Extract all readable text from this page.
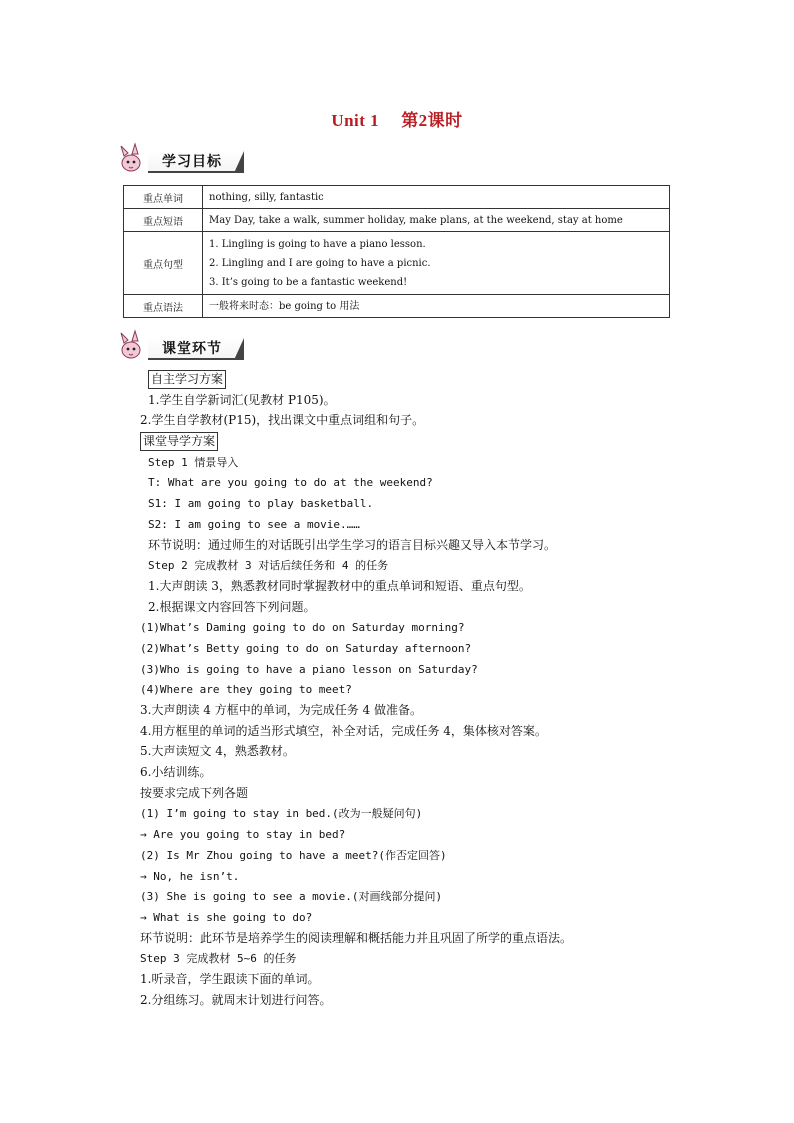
Unit 1 第2课时
学习目标
重点单词	nothing, silly, fantastic

重点短语	May Day, take a walk, summer holiday, make plans, at the weekend, stay at home

重点句型	1. Lingling is going to have a piano lesson.
2. Lingling and I are going to have a picnic.
3. It’s going to be a fantastic weekend!

重点语法	一般将来时态：be going to 用法
课堂环节
自主学习方案
1.学生自学新词汇(见教材 P105)。
2.学生自学教材(P15)，找出课文中重点词组和句子。
课堂导学方案
Step 1 情景导入
T: What are you going to do at the weekend?
S1: I am going to play basketball.
S2: I am going to see a movie.……
环节说明：通过师生的对话既引出学生学习的语言目标兴趣又导入本节学习。
Step 2 完成教材 3 对话后续任务和 4 的任务
1.大声朗读 3，熟悉教材同时掌握教材中的重点单词和短语、重点句型。
2.根据课文内容回答下列问题。
(1)What’s Daming going to do on Saturday morning?
(2)What’s Betty going to do on Saturday afternoon?
(3)Who is going to have a piano lesson on Saturday?
(4)Where are they going to meet?
3.大声朗读 4 方框中的单词，为完成任务 4 做准备。
4.用方框里的单词的适当形式填空，补全对话，完成任务 4，集体核对答案。
5.大声读短文 4，熟悉教材。
6.小结训练。
按要求完成下列各题
(1) I’m going to stay in bed.(改为一般疑问句)
→ Are you going to stay in bed?
(2) Is Mr Zhou going to have a meet?(作否定回答)
→ No, he isn’t.
(3) She is going to see a movie.(对画线部分提问)
→ What is she going to do?
环节说明：此环节是培养学生的阅读理解和概括能力并且巩固了所学的重点语法。
Step 3 完成教材 5~6 的任务
1.听录音，学生跟读下面的单词。
2.分组练习。就周末计划进行问答。
